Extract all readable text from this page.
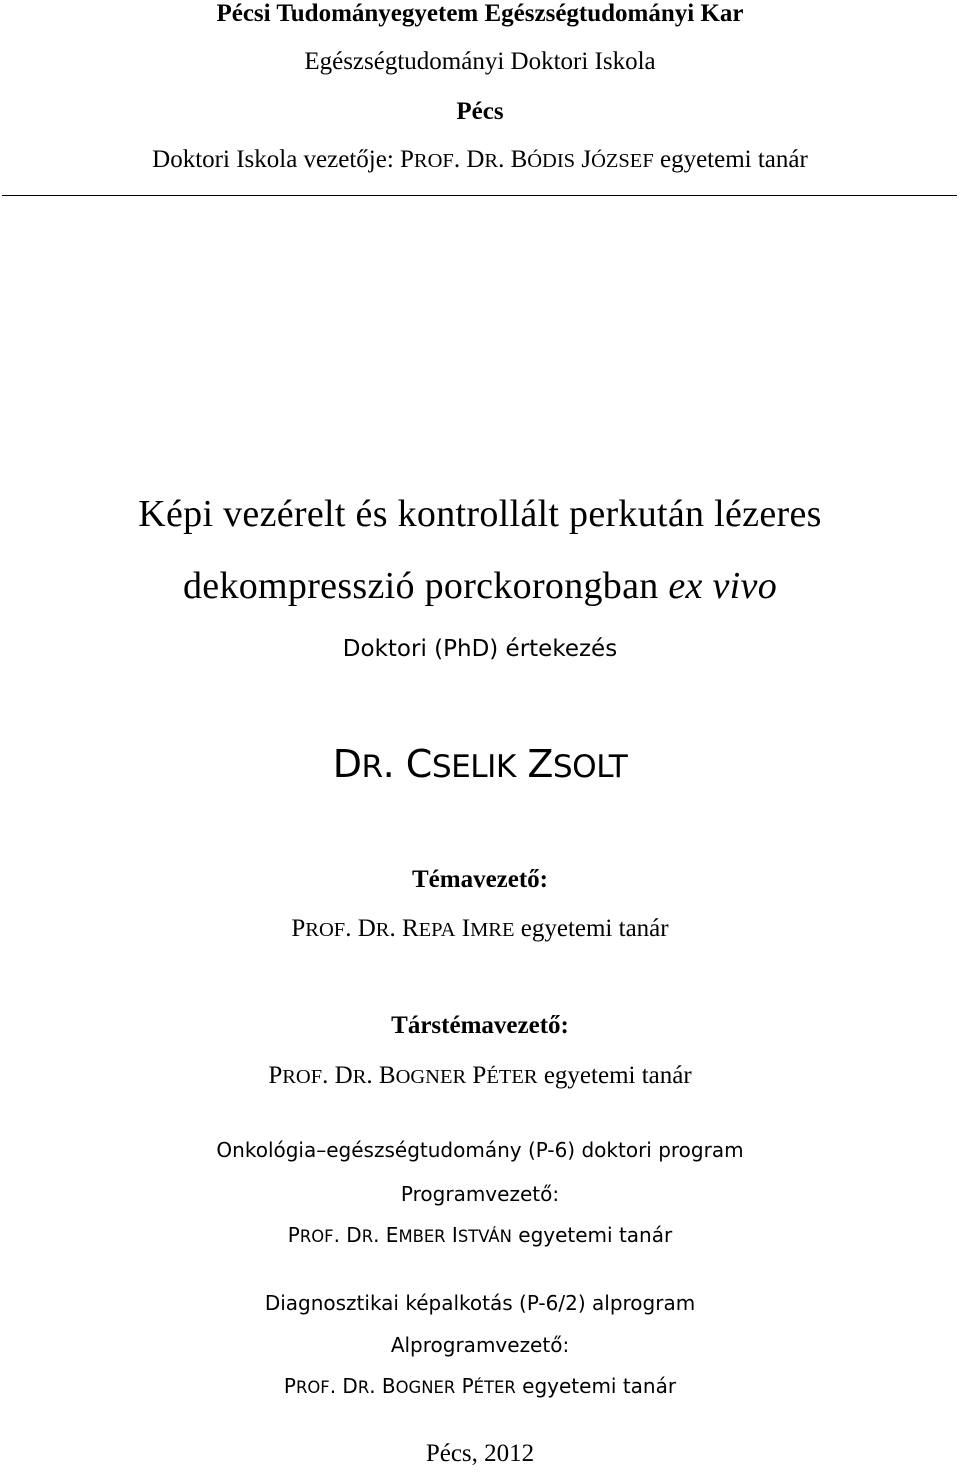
Pécsi Tudományegyetem Egészségtudományi Kar

Egészségtudományi Doktori Iskola

Pécs

Doktori Iskola vezetője: PROF. DR. BÓDIS JÓZSEF egyetemi tanár

Képi vezérelt és kontrollált perkután lézeres

dekompresszió porckorongban ex vivo

Doktori (PhD) értekezés

DR. CSELIK ZSOLT

Témavezető:

PROF. DR. REPA IMRE egyetemi tanár

Társtémavezető:

PROF. DR. BOGNER PÉTER egyetemi tanár

Onkológia–egészségtudomány (P-6) doktori program

Programvezető:

PROF. DR. EMBER ISTVÁN egyetemi tanár

Diagnosztikai képalkotás (P-6/2) alprogram

Alprogramvezető:

PROF. DR. BOGNER PÉTER egyetemi tanár

Pécs, 2012
